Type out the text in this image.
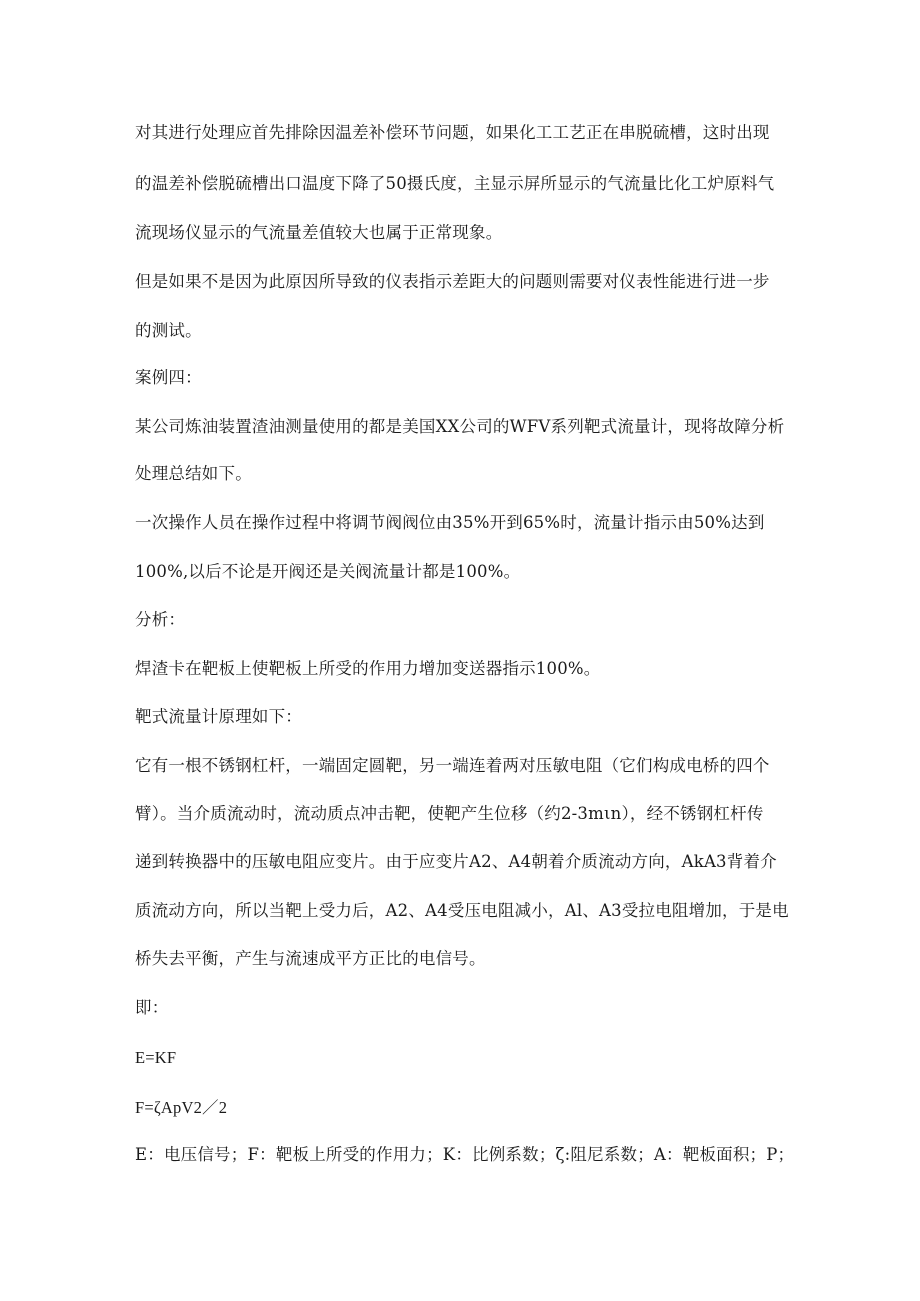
对其进行处理应首先排除因温差补偿环节问题，如果化工工艺正在串脱硫槽，这时出现
的温差补偿脱硫槽出口温度下降了50摄氏度，主显示屏所显示的气流量比化工炉原料气
流现场仪显示的气流量差值较大也属于正常现象。
但是如果不是因为此原因所导致的仪表指示差距大的问题则需要对仪表性能进行进一步
的测试。
案例四：
某公司炼油装置渣油测量使用的都是美国XX公司的WFV系列靶式流量计，现将故障分析
处理总结如下。
一次操作人员在操作过程中将调节阀阀位由35%开到65%时，流量计指示由50%达到
100%,以后不论是开阀还是关阀流量计都是100%。
分析：
焊渣卡在靶板上使靶板上所受的作用力增加变送器指示100%。
靶式流量计原理如下：
它有一根不锈钢杠杆，一端固定圆靶，另一端连着两对压敏电阻（它们构成电桥的四个
臂）。当介质流动时，流动质点冲击靶，使靶产生位移（约2-3mιn），经不锈钢杠杆传
递到转换器中的压敏电阻应变片。由于应变片A2、A4朝着介质流动方向，AkA3背着介
质流动方向，所以当靶上受力后，A2、A4受压电阻减小，Al、A3受拉电阻增加，于是电
桥失去平衡，产生与流速成平方正比的电信号。
即：
E=KF
F=ζApV2／2
E：电压信号；F：靶板上所受的作用力；K：比例系数；ζ:阻尼系数；A：靶板面积；P；
